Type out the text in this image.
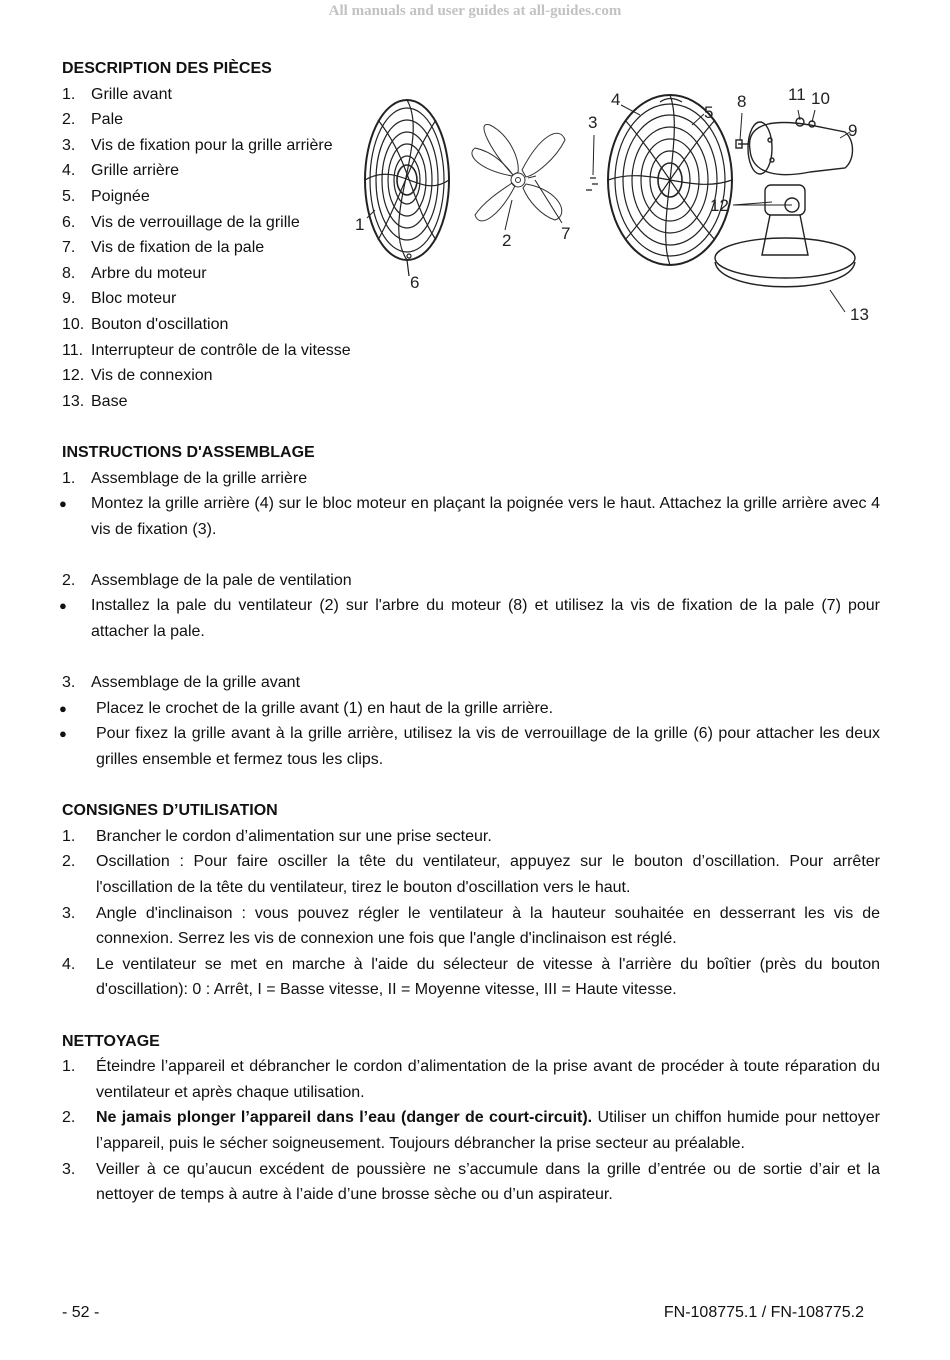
All manuals and user guides at all-guides.com
1
2
3
4
5
6
7
8
9
10
11
12
13
DESCRIPTION DES PIÈCES
1. Grille avant
2. Pale
3. Vis de fixation pour la grille arrière
4. Grille arrière
5. Poignée
6. Vis de verrouillage de la grille
7. Vis de fixation de la pale
8. Arbre du moteur
9. Bloc moteur
10. Bouton d'oscillation
11. Interrupteur de contrôle de la vitesse
12. Vis de connexion
13. Base
INSTRUCTIONS D'ASSEMBLAGE
1. Assemblage de la grille arrière
● Montez la grille arrière (4) sur le bloc moteur en plaçant la poignée vers le haut. Attachez la grille arrière avec 4 vis de fixation (3).
2. Assemblage de la pale de ventilation
● Installez la pale du ventilateur (2) sur l'arbre du moteur (8) et utilisez la vis de fixation de la pale (7) pour attacher la pale.
3. Assemblage de la grille avant
● Placez le crochet de la grille avant (1) en haut de la grille arrière.
● Pour fixez la grille avant à la grille arrière, utilisez la vis de verrouillage de la grille (6) pour attacher les deux grilles ensemble et fermez tous les clips.
CONSIGNES D’UTILISATION
1. Brancher le cordon d’alimentation sur une prise secteur.
2. Oscillation : Pour faire osciller la tête du ventilateur, appuyez sur le bouton d’oscillation. Pour arrêter l'oscillation de la tête du ventilateur, tirez le bouton d'oscillation vers le haut.
3. Angle d'inclinaison : vous pouvez régler le ventilateur à la hauteur souhaitée en desserrant les vis de connexion. Serrez les vis de connexion une fois que l'angle d'inclinaison est réglé.
4. Le ventilateur se met en marche à l'aide du sélecteur de vitesse à l'arrière du boîtier (près du bouton d'oscillation): 0 : Arrêt, I = Basse vitesse, II = Moyenne vitesse, III = Haute vitesse.
NETTOYAGE
1. Éteindre l’appareil et débrancher le cordon d’alimentation de la prise avant de procéder à toute réparation du ventilateur et après chaque utilisation.
2. Ne jamais plonger l’appareil dans l’eau (danger de court-circuit). Utiliser un chiffon humide pour nettoyer l’appareil, puis le sécher soigneusement. Toujours débrancher la prise secteur au préalable.
3. Veiller à ce qu’aucun excédent de poussière ne s’accumule dans la grille d’entrée ou de sortie d’air et la nettoyer de temps à autre à l’aide d’une brosse sèche ou d’un aspirateur.
- 52 -	FN-108775.1 / FN-108775.2
